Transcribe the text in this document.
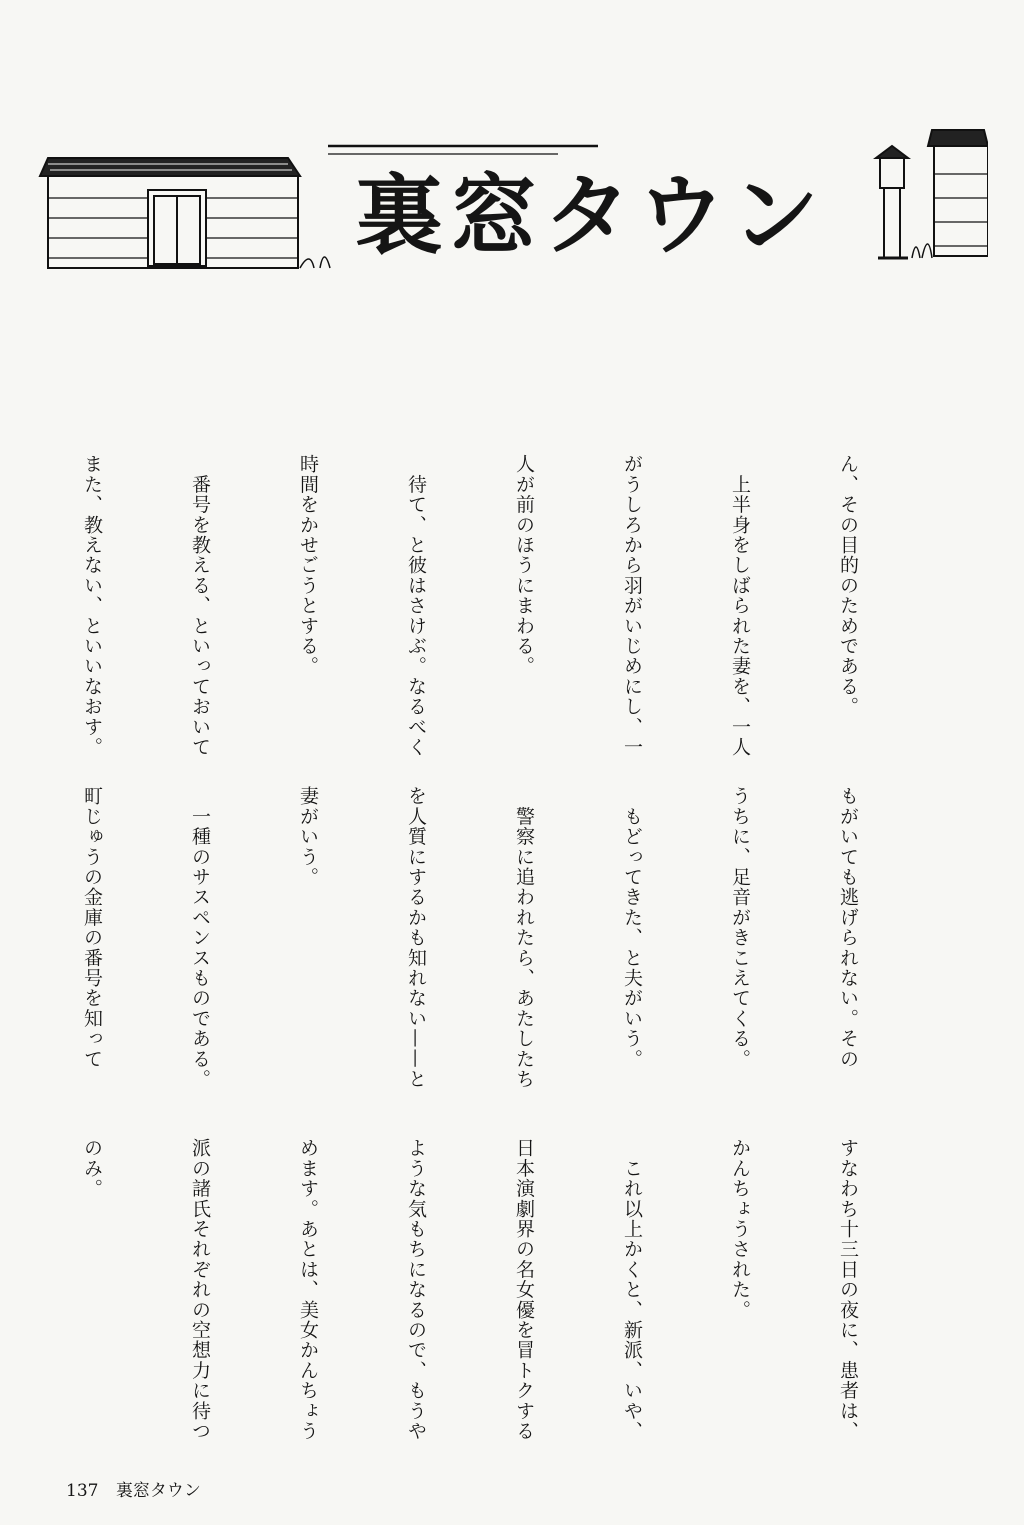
裏窓タウン

ん、その目的のためである。

　上半身をしばられた妻を、一人

がうしろから羽がいじめにし、一

人が前のほうにまわる。

　待て、と彼はさけぶ。なるべく

時間をかせごうとする。

　番号を教える、といっておいて

また、教えない、といいなおす。

もがいても逃げられない。その

うちに、足音がきこえてくる。

　もどってきた、と夫がいう。

　警察に追われたら、あたしたち

を人質にするかも知れない——と

妻がいう。

　一種のサスペンスものである。

町じゅうの金庫の番号を知って

すなわち十三日の夜に、患者は、

かんちょうされた。

　これ以上かくと、新派、いや、

日本演劇界の名女優を冒トクする

ような気もちになるので、もうや

めます。あとは、美女かんちょう

派の諸氏それぞれの空想力に待つ

のみ。

137 裏窓タウン
